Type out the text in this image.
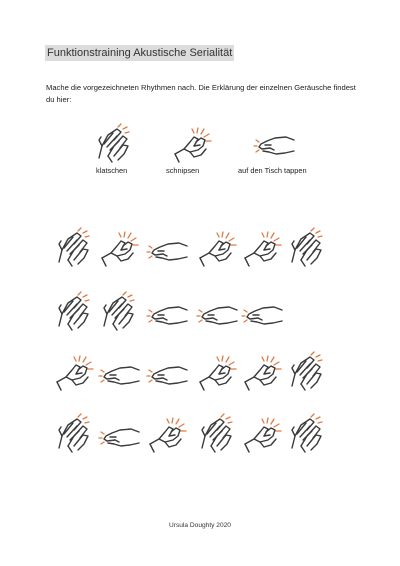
Funktionstraining Akustische Serialität
Mache die vorgezeichneten Rhythmen nach. Die Erklärung der einzelnen Geräusche findest du hier:
klatschen	schnipsen	auf den Tisch tappen
Ursula Doughty 2020
